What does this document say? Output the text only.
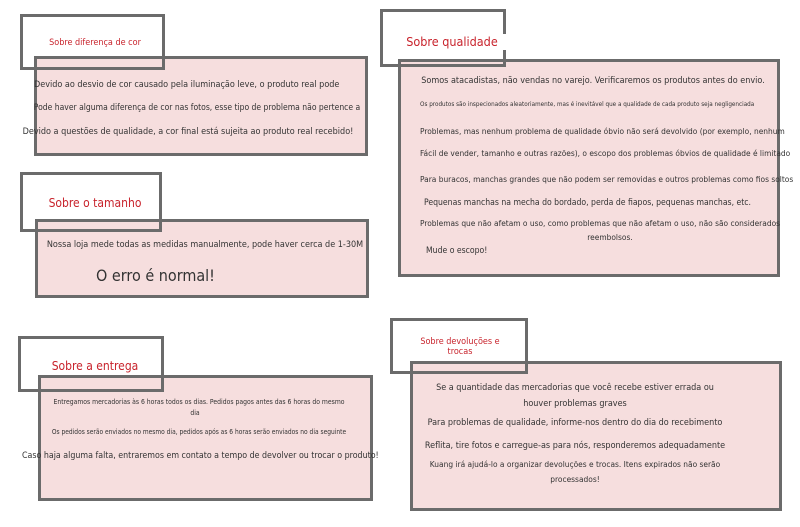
Sobre diferença de cor
Devido ao desvio de cor causado pela iluminação leve, o produto real pode
Pode haver alguma diferença de cor nas fotos, esse tipo de problema não pertence a
Devido a questões de qualidade, a cor final está sujeita ao produto real recebido!
Sobre qualidade
Somos atacadistas, não vendas no varejo. Verificaremos os produtos antes do envio.
Os produtos são inspecionados aleatoriamente, mas é inevitável que a qualidade de cada produto seja negligenciada
Problemas, mas nenhum problema de qualidade óbvio não será devolvido (por exemplo, nenhum
Fácil de vender, tamanho e outras razões), o escopo dos problemas óbvios de qualidade é limitado
Para buracos, manchas grandes que não podem ser removidas e outros problemas como fios soltos
Pequenas manchas na mecha do bordado, perda de fiapos, pequenas manchas, etc.
Problemas que não afetam o uso, como problemas que não afetam o uso, não são considerados
reembolsos.
Mude o escopo!
Sobre o tamanho
Nossa loja mede todas as medidas manualmente, pode haver cerca de 1-30M
O erro é normal!
Sobre a entrega
Entregamos mercadorias às 6 horas todos os dias. Pedidos pagos antes das 6 horas do mesmo
dia
Os pedidos serão enviados no mesmo dia, pedidos após as 6 horas serão enviados no dia seguinte
Caso haja alguma falta, entraremos em contato a tempo de devolver ou trocar o produto!
Sobre devoluções e trocas
Se a quantidade das mercadorias que você recebe estiver errada ou
houver problemas graves
Para problemas de qualidade, informe-nos dentro do dia do recebimento
Reflita, tire fotos e carregue-as para nós, responderemos adequadamente
Kuang irá ajudá-lo a organizar devoluções e trocas. Itens expirados não serão
processados!
